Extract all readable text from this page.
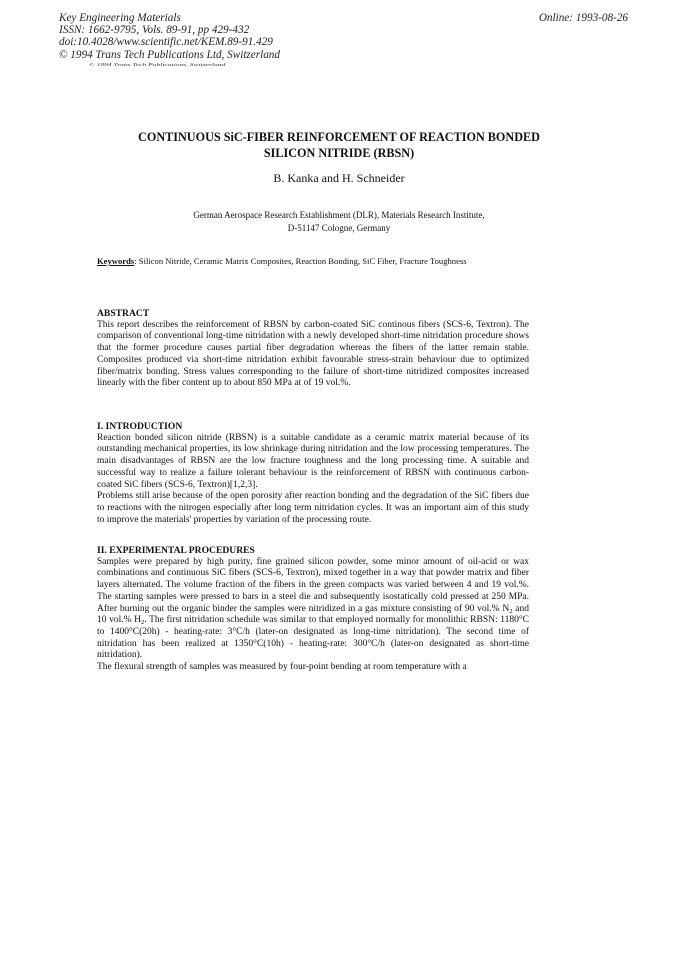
Key Engineering Materials
ISSN: 1662-9795, Vols. 89-91, pp 429-432
doi:10.4028/www.scientific.net/KEM.89-91.429
© 1994 Trans Tech Publications Ltd, Switzerland
Online: 1993-08-26
© 1994 Trans Tech Publications, Switzerland
CONTINUOUS SiC-FIBER REINFORCEMENT OF REACTION BONDED
SILICON NITRIDE (RBSN)
B. Kanka and H. Schneider
German Aerospace Research Establishment (DLR), Materials Research Institute,
D-51147 Cologne, Germany
Keywords: Silicon Nitride, Ceramic Matrix Composites, Reaction Bonding, SiC Fiber, Fracture Toughness
ABSTRACT

This report describes the reinforcement of RBSN by carbon-coated SiC continous fibers (SCS-6, Textron). The comparison of conventional long-time nitridation with a newly developed short-time nitridation procedure shows that the former procedure causes partial fiber degradation whereas the fibers of the latter remain stable. Composites produced via short-time nitridation exhibit favourable stress-strain behaviour due to optimized fiber/matrix bonding. Stress values corresponding to the failure of short-time nitridized composites increased linearly with the fiber content up to about 850 MPa at of 19 vol.%.

I. INTRODUCTION

Reaction bonded silicon nitride (RBSN) is a suitable candidate as a ceramic matrix material because of its outstanding mechanical properties, its low shrinkage during nitridation and the low processing temperatures. The main disadvantages of RBSN are the low fracture toughness and the long processing time. A suitable and successful way to realize a failure tolerant behaviour is the reinforcement of RBSN with continuous carbon-coated SiC fibers (SCS-6, Textron)[1,2,3].

Problems still arise because of the open porosity after reaction bonding and the degradation of the SiC fibers due to reactions with the nitrogen especially after long term nitridation cycles. It was an important aim of this study to improve the materials' properties by variation of the processing route.

II. EXPERIMENTAL PROCEDURES

Samples were prepared by high purity, fine grained silicon powder, some minor amount of oil-acid or wax combinations and continuous SiC fibers (SCS-6, Textron), mixed together in a way that powder matrix and fiber layers alternated. The volume fraction of the fibers in the green compacts was varied between 4 and 19 vol.%. The starting samples were pressed to bars in a steel die and subsequently isostatically cold pressed at 250 MPa. After burning out the organic binder the samples were nitridized in a gas mixture consisting of 90 vol.% $N_2$ and 10 vol.% $H_2$. The first nitridation schedule was similar to that employed normally for monolithic RBSN: 1180°C to 1400°C(20h) - heating-rate: 3°C/h (later-on designated as long-time nitridation). The second time of nitridation has been realized at 1350°C(10h) - heating-rate: 300°C/h (later-on designated as short-time nitridation).

The flexural strength of samples was measured by four-point bending at room temperature with a
